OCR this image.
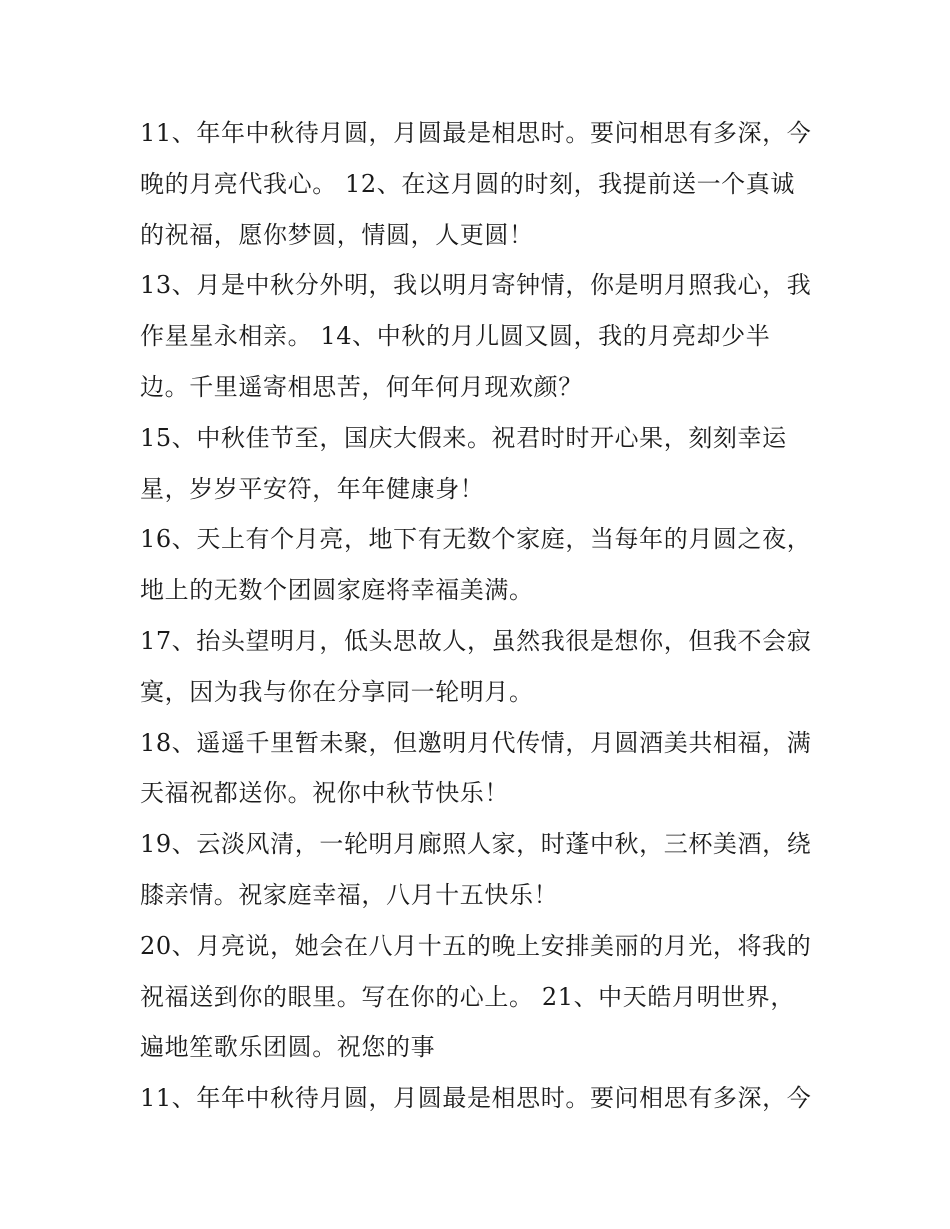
11、年年中秋待月圆，月圆最是相思时。要问相思有多深，今
晚的月亮代我心。 12、在这月圆的时刻，我提前送一个真诚
的祝福，愿你梦圆，情圆，人更圆！
13、月是中秋分外明，我以明月寄钟情，你是明月照我心，我
作星星永相亲。 14、中秋的月儿圆又圆，我的月亮却少半
边。千里遥寄相思苦，何年何月现欢颜？
15、中秋佳节至，国庆大假来。祝君时时开心果，刻刻幸运
星，岁岁平安符，年年健康身！
16、天上有个月亮，地下有无数个家庭，当每年的月圆之夜，
地上的无数个团圆家庭将幸福美满。
17、抬头望明月，低头思故人，虽然我很是想你，但我不会寂
寞，因为我与你在分享同一轮明月。
18、遥遥千里暂未聚，但邀明月代传情，月圆酒美共相福，满
天福祝都送你。祝你中秋节快乐！
19、云淡风清，一轮明月廊照人家，时蓬中秋，三杯美酒，绕
膝亲情。祝家庭幸福，八月十五快乐！
20、月亮说，她会在八月十五的晚上安排美丽的月光，将我的
祝福送到你的眼里。写在你的心上。 21、中天皓月明世界，
遍地笙歌乐团圆。祝您的事
11、年年中秋待月圆，月圆最是相思时。要问相思有多深，今
